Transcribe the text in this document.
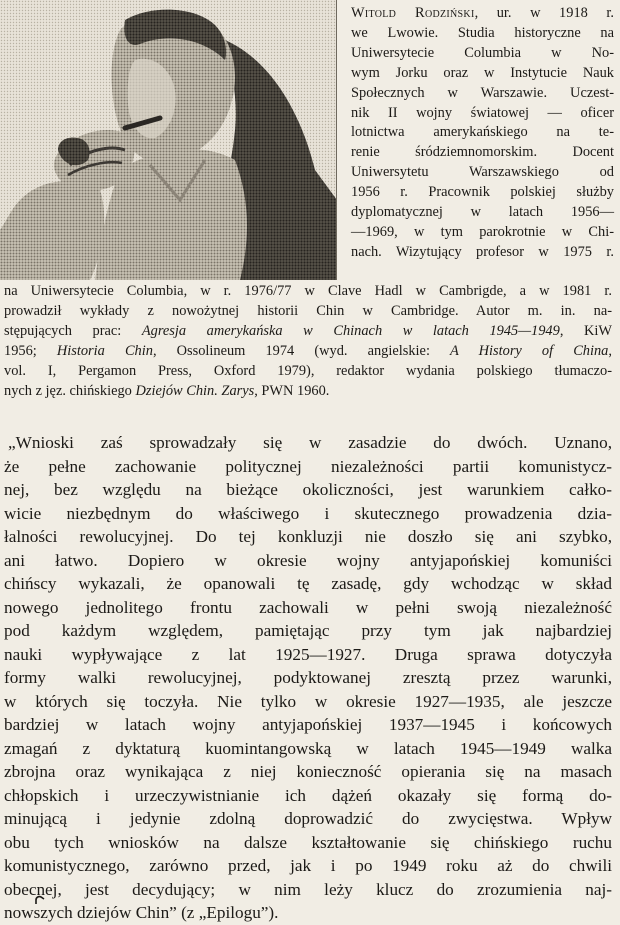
Witold Rodziński, ur. w 1918 r.
we Lwowie. Studia historyczne na
Uniwersytecie Columbia w No-
wym Jorku oraz w Instytucie Nauk
Społecznych w Warszawie. Uczest-
nik II wojny światowej — oficer
lotnictwa amerykańskiego na te-
renie śródziemnomorskim. Docent
Uniwersytetu Warszawskiego od
1956 r. Pracownik polskiej służby
dyplomatycznej w latach 1956—
—1969, w tym parokrotnie w Chi-
nach. Wizytujący profesor w 1975 r.
na Uniwersytecie Columbia, w r. 1976/77 w Clave Hadl w Cambrigde, a w 1981 r.
prowadził wykłady z nowożytnej historii Chin w Cambridge. Autor m. in. na-
stępujących prac: Agresja amerykańska w Chinach w latach 1945—1949, KiW
1956; Historia Chin, Ossolineum 1974 (wyd. angielskie: A History of China,
vol. I, Pergamon Press, Oxford 1979), redaktor wydania polskiego tłumaczo-
nych z jęz. chińskiego Dziejów Chin. Zarys, PWN 1960.
„Wnioski zaś sprowadzały się w zasadzie do dwóch. Uznano,
że pełne zachowanie politycznej niezależności partii komunistycz-
nej, bez względu na bieżące okoliczności, jest warunkiem całko-
wicie niezbędnym do właściwego i skutecznego prowadzenia dzia-
łalności rewolucyjnej. Do tej konkluzji nie doszło się ani szybko,
ani łatwo. Dopiero w okresie wojny antyjapońskiej komuniści
chińscy wykazali, że opanowali tę zasadę, gdy wchodząc w skład
nowego jednolitego frontu zachowali w pełni swoją niezależność
pod każdym względem, pamiętając przy tym jak najbardziej
nauki wypływające z lat 1925—1927. Druga sprawa dotyczyła
formy walki rewolucyjnej, podyktowanej zresztą przez warunki,
w których się toczyła. Nie tylko w okresie 1927—1935, ale jeszcze
bardziej w latach wojny antyjapońskiej 1937—1945 i końcowych
zmagań z dyktaturą kuomintangowską w latach 1945—1949 walka
zbrojna oraz wynikająca z niej konieczność opierania się na masach
chłopskich i urzeczywistnianie ich dążeń okazały się formą do-
minującą i jedynie zdolną doprowadzić do zwycięstwa. Wpływ
obu tych wniosków na dalsze kształtowanie się chińskiego ruchu
komunistycznego, zarówno przed, jak i po 1949 roku aż do chwili
obecnej, jest decydujący; w nim leży klucz do zrozumienia naj-
nowszych dziejów Chin” (z „Epilogu”).
